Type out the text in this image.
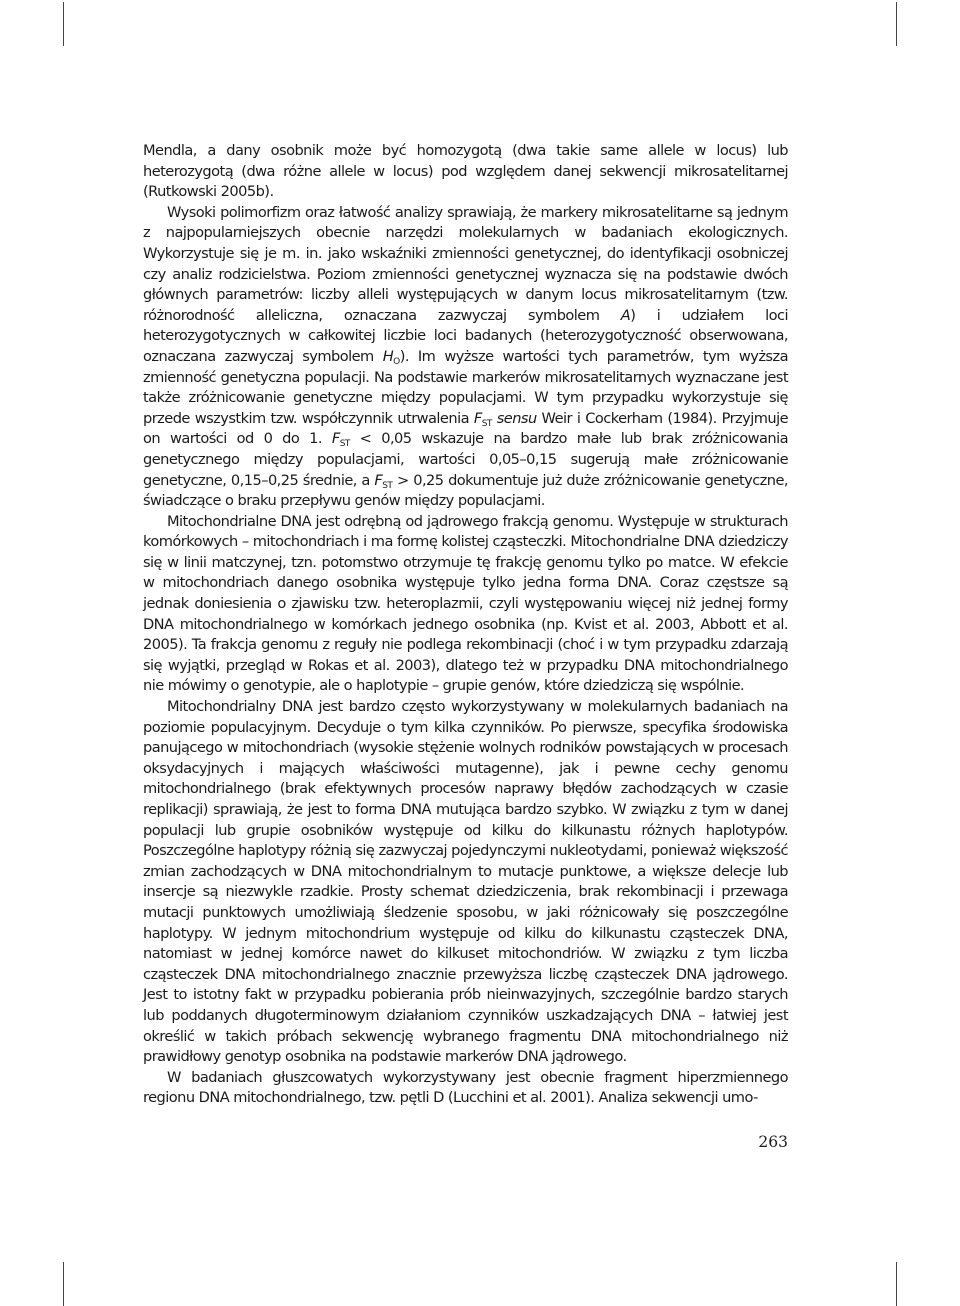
Mendla, a dany osobnik może być homozygotą (dwa takie same allele w locus) lub heterozygotą (dwa różne allele w locus) pod względem danej sekwencji mikrosatelitarnej (Rutkowski 2005b).

Wysoki polimorfizm oraz łatwość analizy sprawiają, że markery mikrosatelitarne są jednym z najpopularniejszych obecnie narzędzi molekularnych w badaniach ekologicznych. Wykorzystuje się je m. in. jako wskaźniki zmienności genetycznej, do identyfikacji osobniczej czy analiz rodzicielstwa. Poziom zmienności genetycznej wyznacza się na podstawie dwóch głównych parametrów: liczby alleli występujących w danym locus mikrosatelitarnym (tzw. różnorodność alleliczna, oznaczana zazwyczaj symbolem A) i udziałem loci heterozygotycznych w całkowitej liczbie loci badanych (heterozygotyczność obserwowana, oznaczana zazwyczaj symbolem $H_O$). Im wyższe wartości tych parametrów, tym wyższa zmienność genetyczna populacji. Na podstawie markerów mikrosatelitarnych wyznaczane jest także zróżnicowanie genetyczne między populacjami. W tym przypadku wykorzystuje się przede wszystkim tzw. współczynnik utrwalenia $F_{ST}$ sensu Weir i Cockerham (1984). Przyjmuje on wartości od 0 do 1. $F_{ST} < 0,05$ wskazuje na bardzo małe lub brak zróżnicowania genetycznego między populacjami, wartości 0,05–0,15 sugerują małe zróżnicowanie genetyczne, 0,15–0,25 średnie, a $F_{ST} > 0,25$ dokumentuje już duże zróżnicowanie genetyczne, świadczące o braku przepływu genów między populacjami.

Mitochondrialne DNA jest odrębną od jądrowego frakcją genomu. Występuje w strukturach komórkowych – mitochondriach i ma formę kolistej cząsteczki. Mitochondrialne DNA dziedziczy się w linii matczynej, tzn. potomstwo otrzymuje tę frakcję genomu tylko po matce. W efekcie w mitochondriach danego osobnika występuje tylko jedna forma DNA. Coraz częstsze są jednak doniesienia o zjawisku tzw. heteroplazmii, czyli występowaniu więcej niż jednej formy DNA mitochondrialnego w komórkach jednego osobnika (np. Kvist et al. 2003, Abbott et al. 2005). Ta frakcja genomu z reguły nie podlega rekombinacji (choć i w tym przypadku zdarzają się wyjątki, przegląd w Rokas et al. 2003), dlatego też w przypadku DNA mitochondrialnego nie mówimy o genotypie, ale o haplotypie – grupie genów, które dziedziczą się wspólnie.

Mitochondrialny DNA jest bardzo często wykorzystywany w molekularnych badaniach na poziomie populacyjnym. Decyduje o tym kilka czynników. Po pierwsze, specyfika środowiska panującego w mitochondriach (wysokie stężenie wolnych rodników powstających w procesach oksydacyjnych i mających właściwości mutagenne), jak i pewne cechy genomu mitochondrialnego (brak efektywnych procesów naprawy błędów zachodzących w czasie replikacji) sprawiają, że jest to forma DNA mutująca bardzo szybko. W związku z tym w danej populacji lub grupie osobników występuje od kilku do kilkunastu różnych haplotypów. Poszczególne haplotypy różnią się zazwyczaj pojedynczymi nukleotydami, ponieważ większość zmian zachodzących w DNA mitochondrialnym to mutacje punktowe, a większe delecje lub insercje są niezwykle rzadkie. Prosty schemat dziedziczenia, brak rekombinacji i przewaga mutacji punktowych umożliwiają śledzenie sposobu, w jaki różnicowały się poszczególne haplotypy. W jednym mitochondrium występuje od kilku do kilkunastu cząsteczek DNA, natomiast w jednej komórce nawet do kilkuset mitochondriów. W związku z tym liczba cząsteczek DNA mitochondrialnego znacznie przewyższa liczbę cząsteczek DNA jądrowego. Jest to istotny fakt w przypadku pobierania prób nieinwazyjnych, szczególnie bardzo starych lub poddanych długoterminowym działaniom czynników uszkadzających DNA – łatwiej jest określić w takich próbach sekwencję wybranego fragmentu DNA mitochondrialnego niż prawidłowy genotyp osobnika na podstawie markerów DNA jądrowego.

W badaniach głuszcowatych wykorzystywany jest obecnie fragment hiperzmiennego regionu DNA mitochondrialnego, tzw. pętli D (Lucchini et al. 2001). Analiza sekwencji umo-

263
